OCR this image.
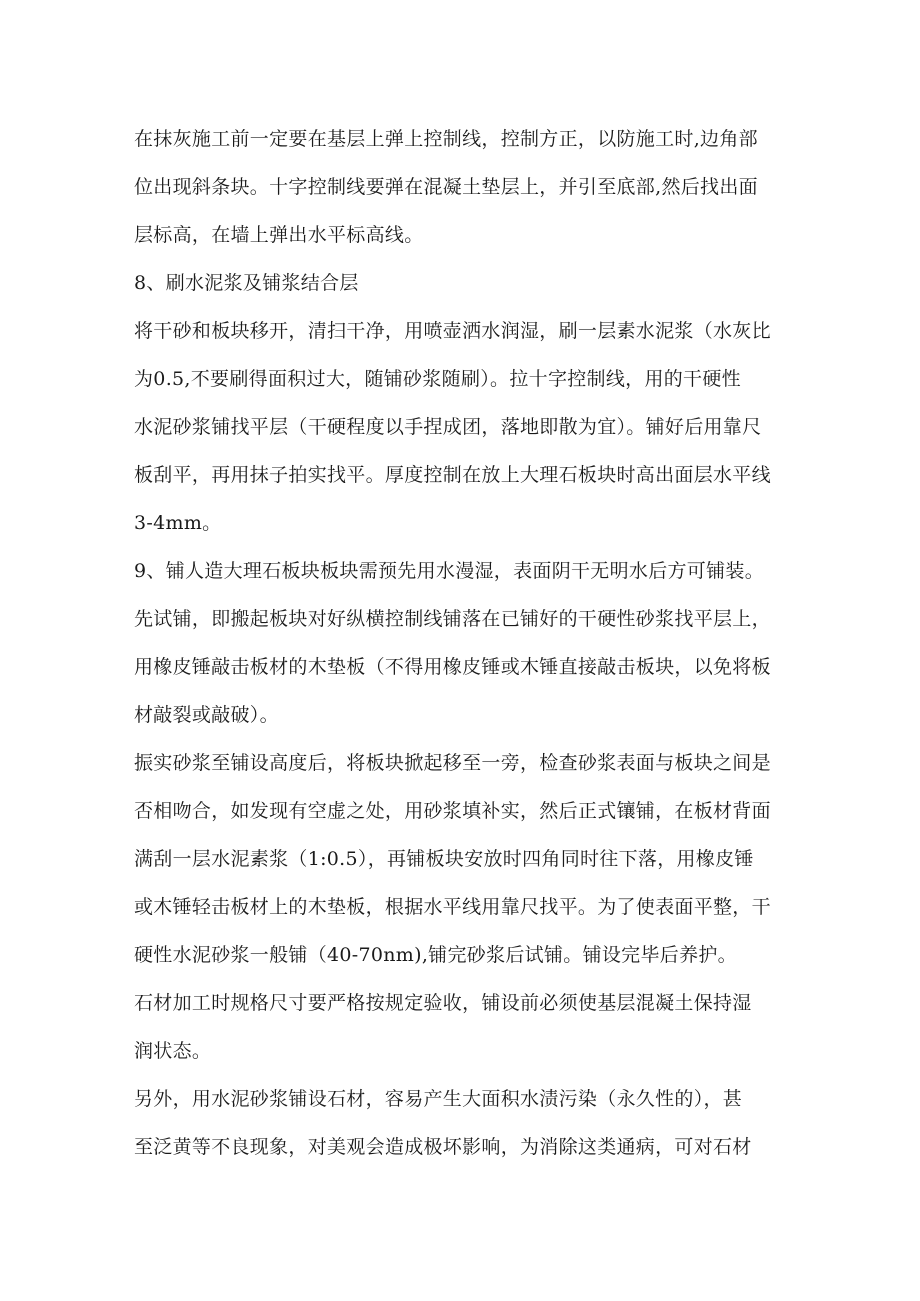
在抹灰施工前一定要在基层上弹上控制线，控制方正，以防施工时,边角部
位出现斜条块。十字控制线要弹在混凝土垫层上，并引至底部,然后找出面
层标高，在墙上弹出水平标高线。
8、刷水泥浆及铺浆结合层
将干砂和板块移开，清扫干净，用喷壶洒水润湿，刷一层素水泥浆（水灰比
为0.5,不要刷得面积过大，随铺砂浆随刷）。拉十字控制线，用的干硬性
水泥砂浆铺找平层（干硬程度以手捏成团，落地即散为宜）。铺好后用靠尺
板刮平，再用抹子拍实找平。厚度控制在放上大理石板块时高出面层水平线
3-4mm。
9、铺人造大理石板块板块需预先用水漫湿，表面阴干无明水后方可铺装。
先试铺，即搬起板块对好纵横控制线铺落在已铺好的干硬性砂浆找平层上，
用橡皮锤敲击板材的木垫板（不得用橡皮锤或木锤直接敲击板块，以免将板
材敲裂或敲破）。
振实砂浆至铺设高度后，将板块掀起移至一旁，检查砂浆表面与板块之间是
否相吻合，如发现有空虚之处，用砂浆填补实，然后正式镶铺，在板材背面
满刮一层水泥素浆（1:0.5），再铺板块安放时四角同时往下落，用橡皮锤
或木锤轻击板材上的木垫板，根据水平线用靠尺找平。为了使表面平整，干
硬性水泥砂浆一般铺（40-70nm),铺完砂浆后试铺。铺设完毕后养护。
石材加工时规格尺寸要严格按规定验收，铺设前必须使基层混凝土保持湿
润状态。
另外，用水泥砂浆铺设石材，容易产生大面积水渍污染（永久性的），甚
至泛黄等不良现象，对美观会造成极坏影响，为消除这类通病，可对石材
